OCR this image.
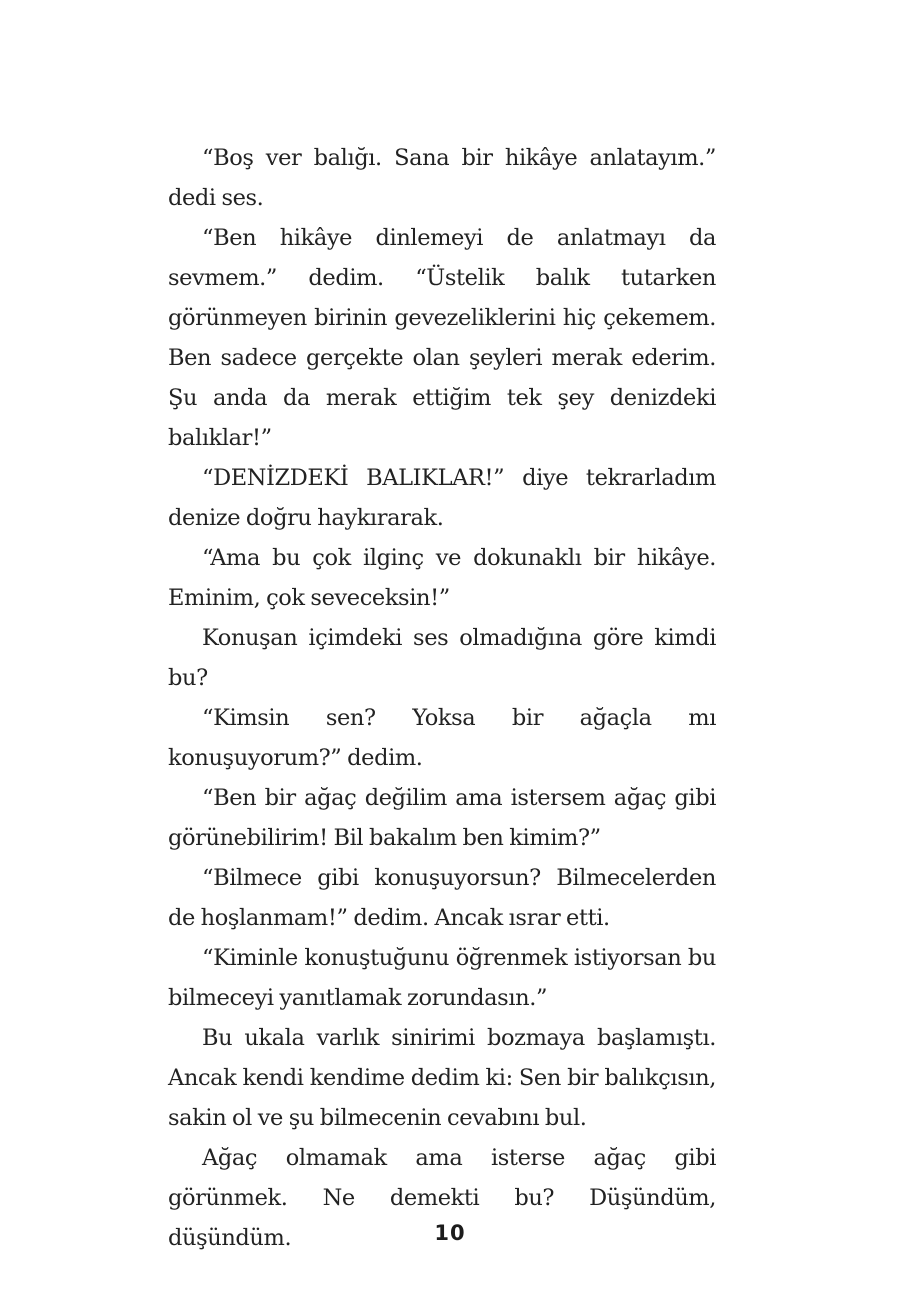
“Boş ver balığı. Sana bir hikâye anlatayım.” dedi ses.

“Ben hikâye dinlemeyi de anlatmayı da sevmem.” dedim. “Üstelik balık tutarken görünmeyen birinin gevezeliklerini hiç çekemem. Ben sadece gerçekte olan şeyleri merak ederim. Şu anda da merak ettiğim tek şey denizdeki balıklar!”

“DENİZDEKİ BALIKLAR!” diye tekrarladım denize doğru haykırarak.

“Ama bu çok ilginç ve dokunaklı bir hikâye. Eminim, çok seveceksin!”

Konuşan içimdeki ses olmadığına göre kimdi bu?

“Kimsin sen? Yoksa bir ağaçla mı konuşuyorum?” dedim.

“Ben bir ağaç değilim ama istersem ağaç gibi görünebilirim! Bil bakalım ben kimim?”

“Bilmece gibi konuşuyorsun? Bilmecelerden de hoşlanmam!” dedim. Ancak ısrar etti.

“Kiminle konuştuğunu öğrenmek istiyorsan bu bilmeceyi yanıtlamak zorundasın.”

Bu ukala varlık sinirimi bozmaya başlamıştı. Ancak kendi kendime dedim ki: Sen bir balıkçısın, sakin ol ve şu bilmecenin cevabını bul.

Ağaç olmamak ama isterse ağaç gibi görünmek. Ne demekti bu? Düşündüm, düşündüm.	10
